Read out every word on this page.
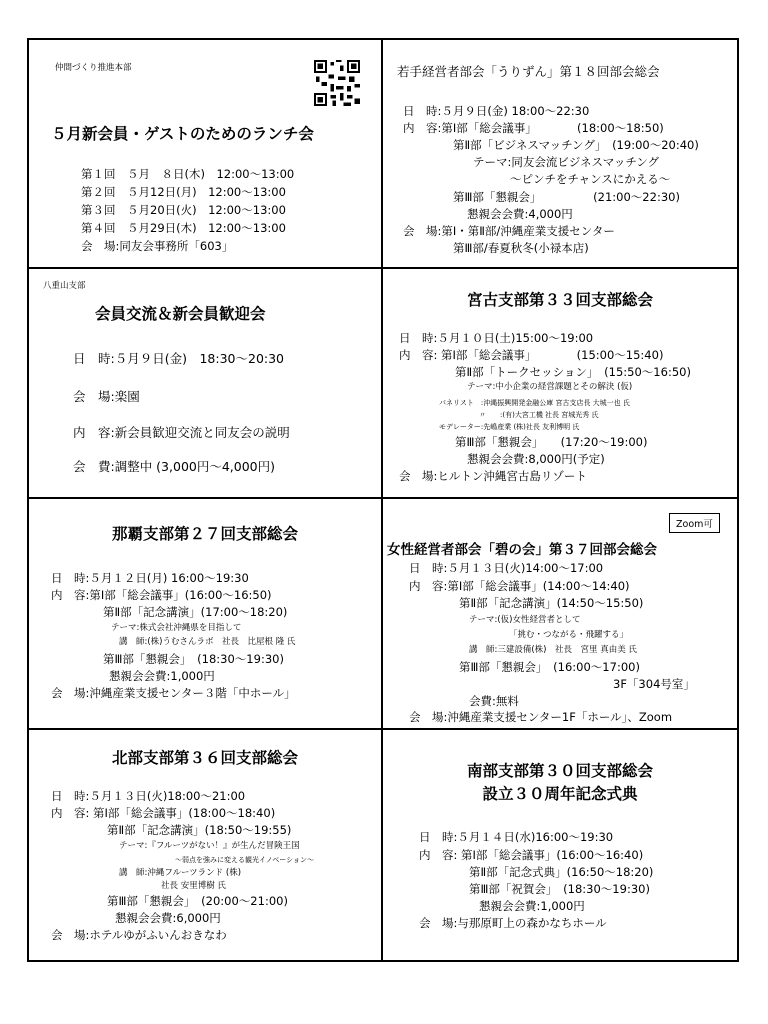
仲間づくり推進本部
５月新会員・ゲストのためのランチ会
第１回　５月　８日(木)　12:00～13:00
第２回　５月12日(月)　12:00～13:00
第３回　５月20日(火)　12:00～13:00
第４回　５月29日(木)　12:00～13:00
会　場:同友会事務所「603」
若手経営者部会「うりずん」第１８回部会総会
日　時:５月９日(金) 18:00～22:30
内　容:第Ⅰ部「総会議事」　　　　(18:00～18:50)
第Ⅱ部「ビジネスマッチング」　(19:00～20:40)
テーマ:同友会流ビジネスマッチング
～ピンチをチャンスにかえる～
第Ⅲ部「懇親会」　　　　　(21:00～22:30)
懇親会会費:4,000円
会　場:第Ⅰ・第Ⅱ部/沖縄産業支援センター
第Ⅲ部/春夏秋冬(小禄本店)
八重山支部
会員交流＆新会員歓迎会
日　時:５月９日(金)　18:30～20:30
会　場:楽園
内　容:新会員歓迎交流と同友会の説明
会　費:調整中 (3,000円～4,000円)
宮古支部第３３回支部総会
日　時:５月１０日(土)15:00～19:00
内　容: 第Ⅰ部「総会議事」　　　　(15:00～15:40)
第Ⅱ部「トークセッション」　(15:50～16:50)
テーマ:中小企業の経営課題とその解決 (仮)
パネリスト　:沖縄振興開発金融公庫 宮古支店長 大城一也 氏
〃　　:(有)大宮工機 社長 宮城光秀 氏
モデレーター:先嶋産業 (株)社長 友利博明 氏
第Ⅲ部「懇親会」　　(17:20～19:00)
懇親会会費:8,000円(予定)
会　場:ヒルトン沖縄宮古島リゾート
那覇支部第２７回支部総会
日　時:５月１２日(月) 16:00～19:30
内　容:第Ⅰ部「総会議事」(16:00～16:50)
第Ⅱ部「記念講演」(17:00～18:20)
テーマ:株式会社沖縄県を目指して
講　師:(株)うむさんラボ　社長　比屋根 隆 氏
第Ⅲ部「懇親会」　(18:30～19:30)
懇親会会費:1,000円
会　場:沖縄産業支援センター３階「中ホール」
Zoom可
女性経営者部会「碧の会」第３７回部会総会
日　時:５月１３日(火)14:00～17:00
内　容:第Ⅰ部「総会議事」(14:00～14:40)
第Ⅱ部「記念講演」(14:50～15:50)
テーマ:(仮)女性経営者として
「挑む・つながる・飛躍する」
講　師:三建設備(株)　社長　宮里 真由美 氏
第Ⅲ部「懇親会」　(16:00～17:00)
3F「304号室」
会費:無料
会　場:沖縄産業支援センター1F「ホール」、Zoom
北部支部第３６回支部総会
日　時:５月１３日(火)18:00～21:00
内　容: 第Ⅰ部「総会議事」(18:00～18:40)
第Ⅱ部「記念講演」(18:50～19:55)
テーマ:『フルーツがない！』が生んだ冒険王国
～弱点を強みに変える観光イノベーション～
講　師:沖縄フルーツランド (株)
社長 安里博樹 氏
第Ⅲ部「懇親会」　(20:00～21:00)
懇親会会費:6,000円
会　場:ホテルゆがふいんおきなわ
南部支部第３０回支部総会
設立３０周年記念式典
日　時:５月１４日(水)16:00～19:30
内　容: 第Ⅰ部「総会議事」(16:00～16:40)
第Ⅱ部「記念式典」(16:50～18:20)
第Ⅲ部「祝賀会」　(18:30～19:30)
懇親会会費:1,000円
会　場:与那原町上の森かなちホール
